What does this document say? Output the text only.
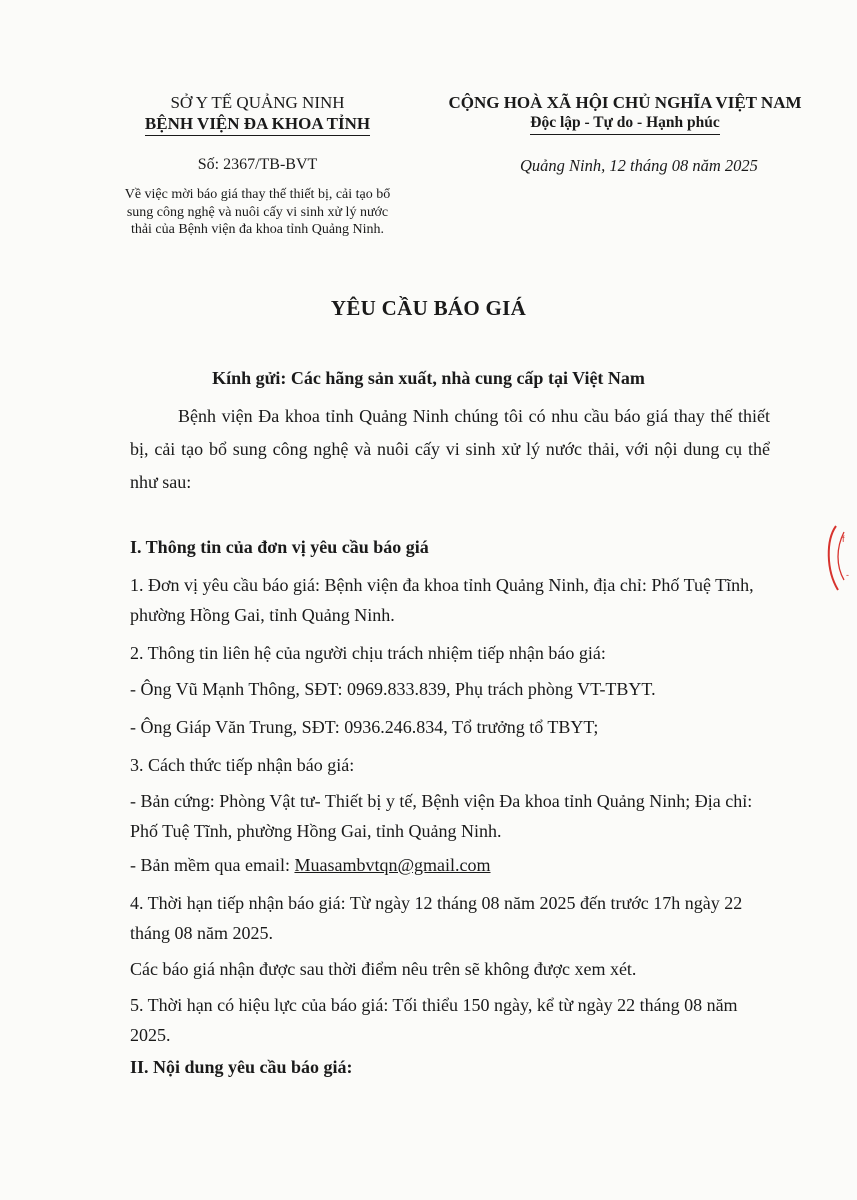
SỞ Y TẾ QUẢNG NINH
BỆNH VIỆN ĐA KHOA TỈNH
CỘNG HOÀ XÃ HỘI CHỦ NGHĨA VIỆT NAM
Độc lập - Tự do - Hạnh phúc
Số: 2367/TB-BVT
Về việc mời báo giá thay thế thiết bị, cải tạo bổ sung công nghệ và nuôi cấy vi sinh xử lý nước thải của Bệnh viện đa khoa tỉnh Quảng Ninh.
Quảng Ninh, 12 tháng 08 năm 2025
YÊU CẦU BÁO GIÁ
Kính gửi: Các hãng sản xuất, nhà cung cấp tại Việt Nam
Bệnh viện Đa khoa tỉnh Quảng Ninh chúng tôi có nhu cầu báo giá thay thế thiết bị, cải tạo bổ sung công nghệ và nuôi cấy vi sinh xử lý nước thải, với nội dung cụ thể như sau:
I. Thông tin của đơn vị yêu cầu báo giá
1. Đơn vị yêu cầu báo giá: Bệnh viện đa khoa tỉnh Quảng Ninh, địa chỉ: Phố Tuệ Tĩnh, phường Hồng Gai, tỉnh Quảng Ninh.
2. Thông tin liên hệ của người chịu trách nhiệm tiếp nhận báo giá:
- Ông Vũ Mạnh Thông, SĐT: 0969.833.839, Phụ trách phòng VT-TBYT.
- Ông Giáp Văn Trung, SĐT: 0936.246.834, Tổ trưởng tổ TBYT;
3. Cách thức tiếp nhận báo giá:
- Bản cứng: Phòng Vật tư- Thiết bị y tế, Bệnh viện Đa khoa tỉnh Quảng Ninh; Địa chỉ: Phố Tuệ Tĩnh, phường Hồng Gai, tỉnh Quảng Ninh.
- Bản mềm qua email: Muasambvtqn@gmail.com
4. Thời hạn tiếp nhận báo giá: Từ ngày 12 tháng 08 năm 2025 đến trước 17h ngày 22 tháng 08 năm 2025.
Các báo giá nhận được sau thời điểm nêu trên sẽ không được xem xét.
5. Thời hạn có hiệu lực của báo giá: Tối thiểu 150 ngày, kể từ ngày 22 tháng 08 năm 2025.
II. Nội dung yêu cầu báo giá:
f
-
